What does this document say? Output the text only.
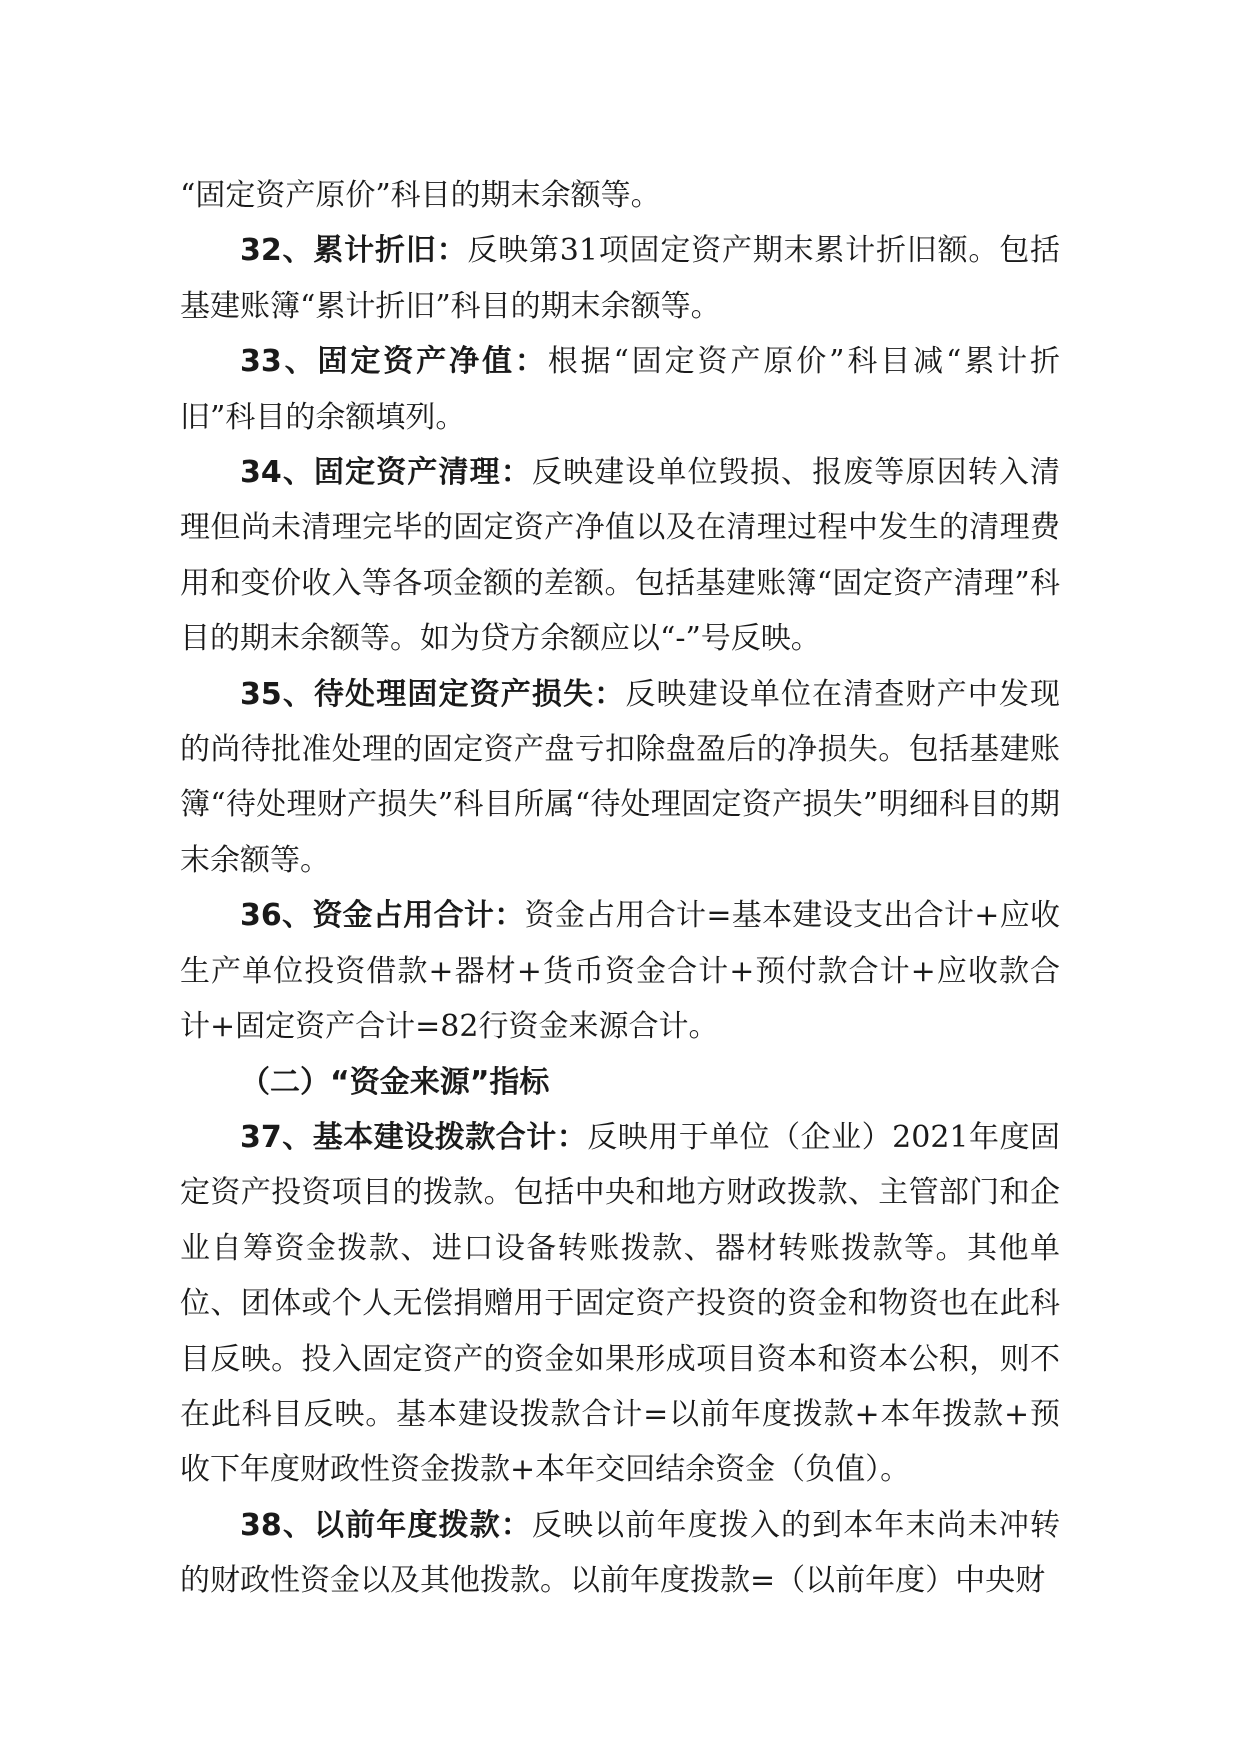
“固定资产原价”科目的期末余额等。

32、累计折旧：反映第31项固定资产期末累计折旧额。包括基建账簿“累计折旧”科目的期末余额等。

33、固定资产净值：根据“固定资产原价”科目减“累计折旧”科目的余额填列。

34、固定资产清理：反映建设单位毁损、报废等原因转入清理但尚未清理完毕的固定资产净值以及在清理过程中发生的清理费用和变价收入等各项金额的差额。包括基建账簿“固定资产清理”科目的期末余额等。如为贷方余额应以“-”号反映。

35、待处理固定资产损失：反映建设单位在清查财产中发现的尚待批准处理的固定资产盘亏扣除盘盈后的净损失。包括基建账簿“待处理财产损失”科目所属“待处理固定资产损失”明细科目的期末余额等。

36、资金占用合计：资金占用合计=基本建设支出合计+应收生产单位投资借款+器材+货币资金合计+预付款合计+应收款合计+固定资产合计=82行资金来源合计。

（二）“资金来源”指标

37、基本建设拨款合计：反映用于单位（企业）2021年度固定资产投资项目的拨款。包括中央和地方财政拨款、主管部门和企业自筹资金拨款、进口设备转账拨款、器材转账拨款等。其他单位、团体或个人无偿捐赠用于固定资产投资的资金和物资也在此科目反映。投入固定资产的资金如果形成项目资本和资本公积，则不在此科目反映。基本建设拨款合计=以前年度拨款+本年拨款+预收下年度财政性资金拨款+本年交回结余资金（负值）。

38、以前年度拨款：反映以前年度拨入的到本年末尚未冲转的财政性资金以及其他拨款。以前年度拨款=（以前年度）中央财
